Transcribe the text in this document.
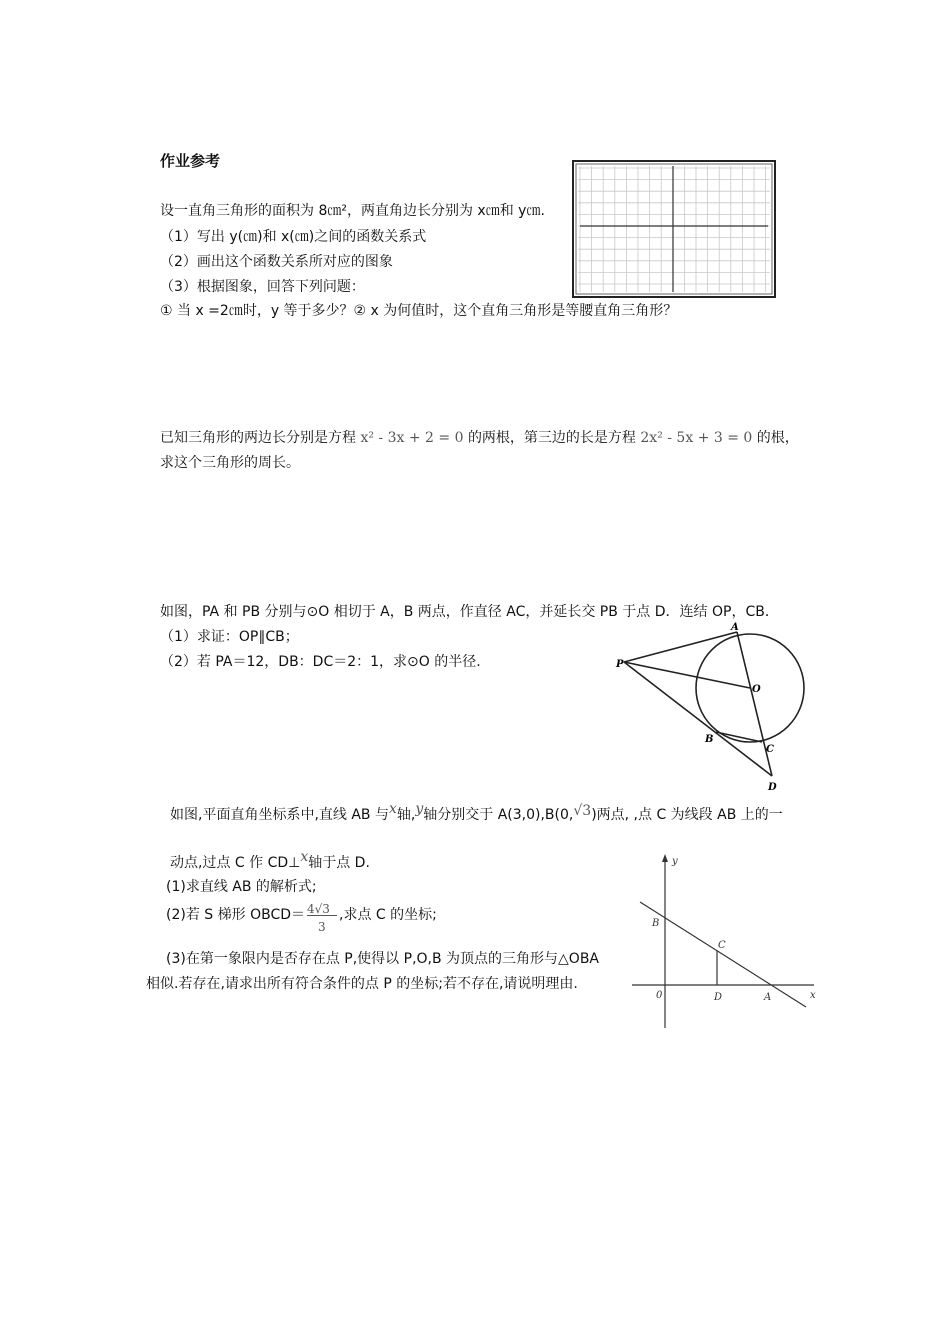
作业参考
设一直角三角形的面积为 8㎝²，两直角边长分别为 x㎝和 y㎝.
（1）写出 y(㎝)和 x(㎝)之间的函数关系式
（2）画出这个函数关系所对应的图象
（3）根据图象，回答下列问题：
① 当 x =2㎝时，y 等于多少？② x 为何值时，这个直角三角形是等腰直角三角形？
已知三角形的两边长分别是方程 x² - 3x + 2 = 0 的两根，第三边的长是方程 2x² - 5x + 3 = 0 的根，
求这个三角形的周长。
如图，PA 和 PB 分别与⊙O 相切于 A，B 两点，作直径 AC，并延长交 PB 于点 D．连结 OP，CB．
（1）求证：OP∥CB；
（2）若 PA＝12，DB：DC＝2：1，求⊙O 的半径.
A
P
O
B
C
D
如图,平面直角坐标系中,直线 AB 与x轴,y轴分别交于 A(3,0),B(0,√3)两点, ,点 C 为线段 AB 上的一
动点,过点 C 作 CD⊥x轴于点 D.
(1)求直线 AB 的解析式;
(2)若 S 梯形 OBCD＝ $\frac{4√3}{3}$ ,求点 C 的坐标;
(3)在第一象限内是否存在点 P,使得以 P,O,B 为顶点的三角形与△OBA
相似.若存在,请求出所有符合条件的点 P 的坐标;若不存在,请说明理由.
y
B
C
0	D	A	x
